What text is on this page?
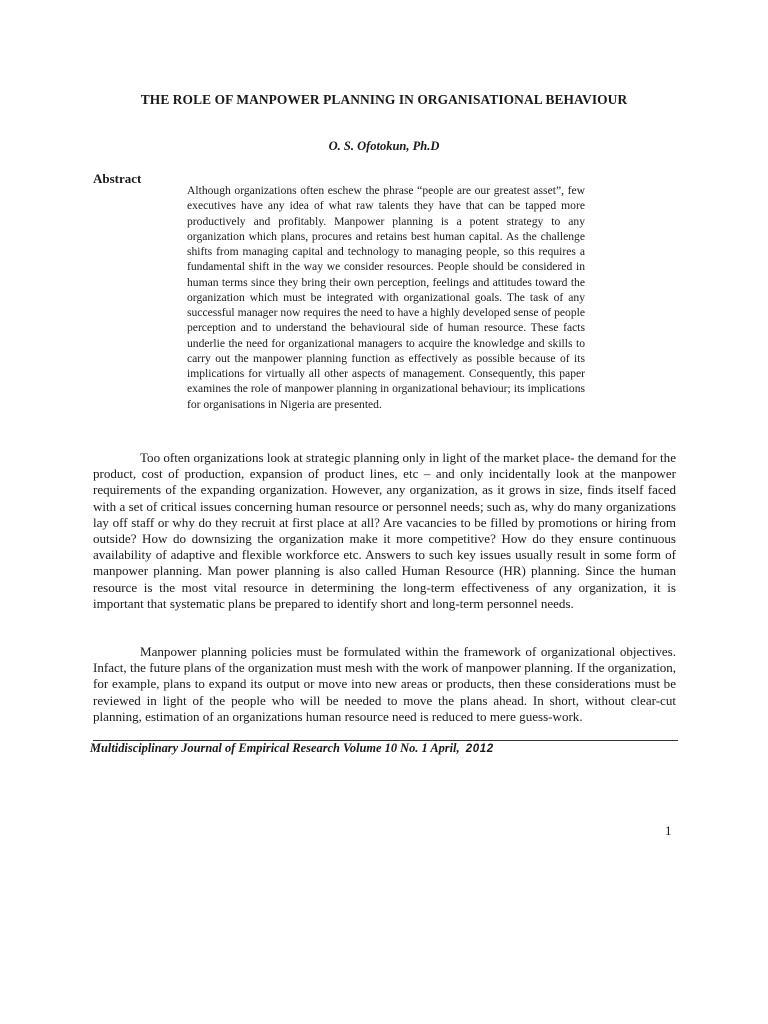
THE ROLE OF MANPOWER PLANNING IN ORGANISATIONAL BEHAVIOUR
O. S. Ofotokun, Ph.D
Abstract
Although organizations often eschew the phrase “people are our greatest asset”, few executives have any idea of what raw talents they have that can be tapped more productively and profitably. Manpower planning is a potent strategy to any organization which plans, procures and retains best human capital. As the challenge shifts from managing capital and technology to managing people, so this requires a fundamental shift in the way we consider resources. People should be considered in human terms since they bring their own perception, feelings and attitudes toward the organization which must be integrated with organizational goals. The task of any successful manager now requires the need to have a highly developed sense of people perception and to understand the behavioural side of human resource. These facts underlie the need for organizational managers to acquire the knowledge and skills to carry out the manpower planning function as effectively as possible because of its implications for virtually all other aspects of management. Consequently, this paper examines the role of manpower planning in organizational behaviour; its implications for organisations in Nigeria are presented.

Too often organizations look at strategic planning only in light of the market place- the demand for the product, cost of production, expansion of product lines, etc – and only incidentally look at the manpower requirements of the expanding organization. However, any organization, as it grows in size, finds itself faced with a set of critical issues concerning human resource or personnel needs; such as, why do many organizations lay off staff or why do they recruit at first place at all? Are vacancies to be filled by promotions or hiring from outside? How do downsizing the organization make it more competitive? How do they ensure continuous availability of adaptive and flexible workforce etc. Answers to such key issues usually result in some form of manpower planning. Man power planning is also called Human Resource (HR) planning. Since the human resource is the most vital resource in determining the long-term effectiveness of any organization, it is important that systematic plans be prepared to identify short and long-term personnel needs.

Manpower planning policies must be formulated within the framework of organizational objectives. Infact, the future plans of the organization must mesh with the work of manpower planning. If the organization, for example, plans to expand its output or move into new areas or products, then these considerations must be reviewed in light of the people who will be needed to move the plans ahead. In short, without clear-cut planning, estimation of an organizations human resource need is reduced to mere guess-work.

Multidisciplinary Journal of Empirical Research Volume 10 No. 1 April, 2012
1
